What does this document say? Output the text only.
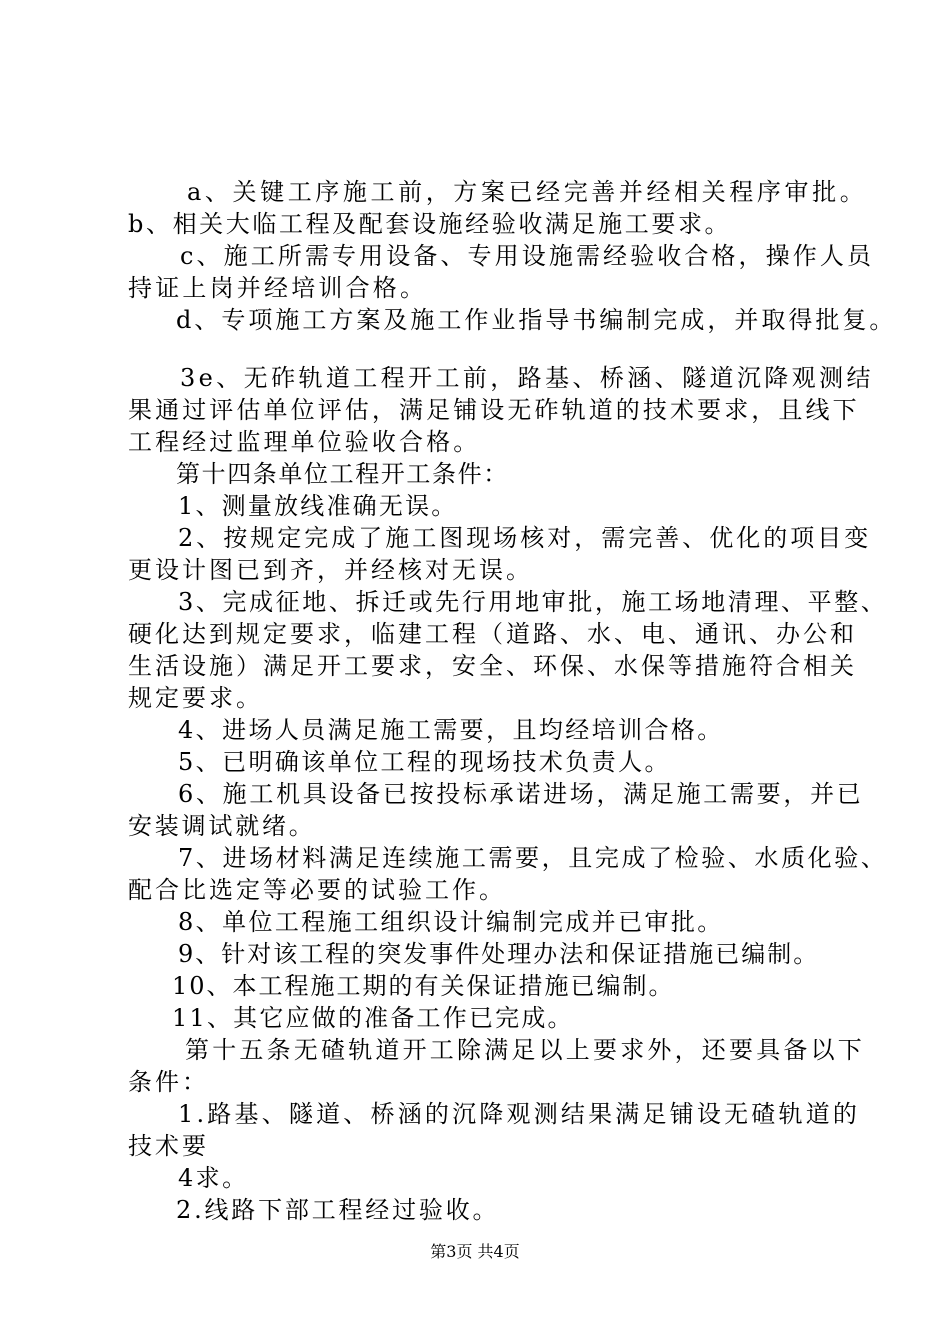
a、关键工序施工前，方案已经完善并经相关程序审批。
b、相关大临工程及配套设施经验收满足施工要求。
c、施工所需专用设备、专用设施需经验收合格，操作人员
持证上岗并经培训合格。
d、专项施工方案及施工作业指导书编制完成，并取得批复。
3e、无砟轨道工程开工前，路基、桥涵、隧道沉降观测结
果通过评估单位评估，满足铺设无砟轨道的技术要求，且线下
工程经过监理单位验收合格。
第十四条单位工程开工条件：
1、测量放线准确无误。
2、按规定完成了施工图现场核对，需完善、优化的项目变
更设计图已到齐，并经核对无误。
3、完成征地、拆迁或先行用地审批，施工场地清理、平整、
硬化达到规定要求，临建工程（道路、水、电、通讯、办公和
生活设施）满足开工要求，安全、环保、水保等措施符合相关
规定要求。
4、进场人员满足施工需要，且均经培训合格。
5、已明确该单位工程的现场技术负责人。
6、施工机具设备已按投标承诺进场，满足施工需要，并已
安装调试就绪。
7、进场材料满足连续施工需要，且完成了检验、水质化验、
配合比选定等必要的试验工作。
8、单位工程施工组织设计编制完成并已审批。
9、针对该工程的突发事件处理办法和保证措施已编制。
10、本工程施工期的有关保证措施已编制。
11、其它应做的准备工作已完成。
第十五条无碴轨道开工除满足以上要求外，还要具备以下
条件：
1.路基、隧道、桥涵的沉降观测结果满足铺设无碴轨道的
技术要
4求。
2.线路下部工程经过验收。
第3页 共4页
